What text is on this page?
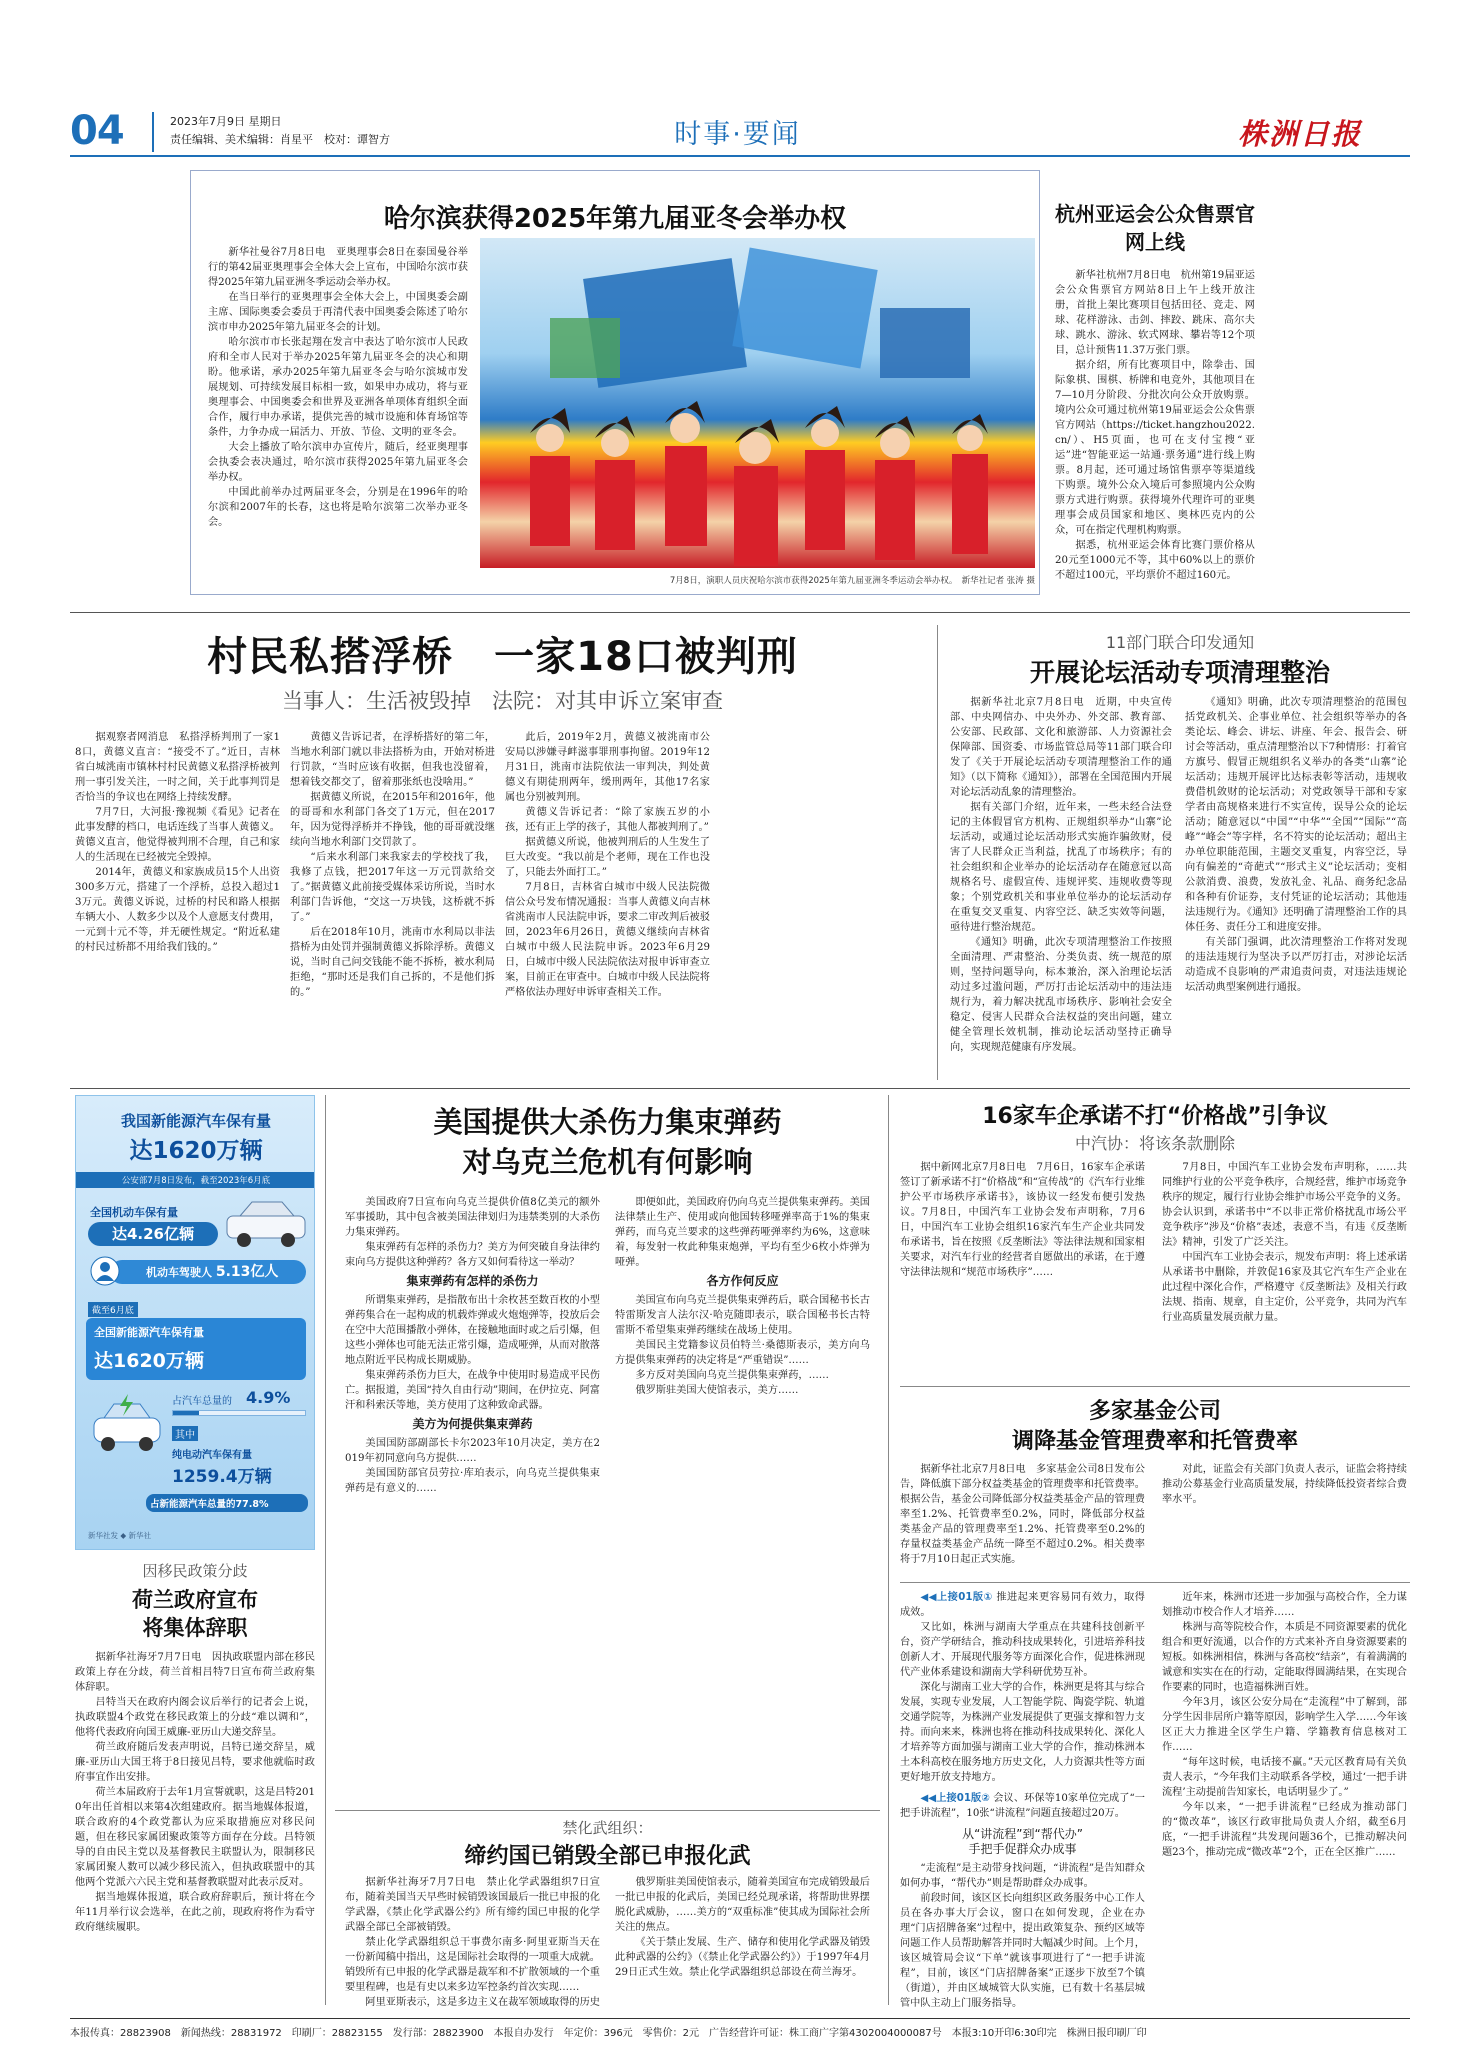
04	2023年7月9日 星期日
责任编辑、美术编辑：肖星平　校对：谭智方	时事·要闻	株洲日报
哈尔滨获得2025年第九届亚冬会举办权

新华社曼谷7月8日电　亚奥理事会8日在泰国曼谷举行的第42届亚奥理事会全体大会上宣布，中国哈尔滨市获得2025年第九届亚洲冬季运动会举办权。

在当日举行的亚奥理事会全体大会上，中国奥委会副主席、国际奥委会委员于再清代表中国奥委会陈述了哈尔滨市申办2025年第九届亚冬会的计划。

哈尔滨市市长张起翔在发言中表达了哈尔滨市人民政府和全市人民对于举办2025年第九届亚冬会的决心和期盼。他承诺，承办2025年第九届亚冬会与哈尔滨城市发展规划、可持续发展目标相一致，如果申办成功，将与亚奥理事会、中国奥委会和世界及亚洲各单项体育组织全面合作，履行申办承诺，提供完善的城市设施和体育场馆等条件，力争办成一届活力、开放、节俭、文明的亚冬会。

大会上播放了哈尔滨申办宣传片，随后，经亚奥理事会执委会表决通过，哈尔滨市获得2025年第九届亚冬会举办权。

中国此前举办过两届亚冬会，分别是在1996年的哈尔滨和2007年的长春，这也将是哈尔滨第二次举办亚冬会。

7月8日，演职人员庆祝哈尔滨市获得2025年第九届亚洲冬季运动会举办权。　新华社记者 张涛 摄
杭州亚运会公众售票官网上线

新华社杭州7月8日电　杭州第19届亚运会公众售票官方网站8日上午上线开放注册，首批上架比赛项目包括田径、竞走、网球、花样游泳、击剑、摔跤、跳床、高尔夫球、跳水、游泳、软式网球、攀岩等12个项目，总计预售11.37万张门票。

据介绍，所有比赛项目中，除拳击、国际象棋、围棋、桥牌和电竞外，其他项目在7—10月分阶段、分批次向公众开放购票。境内公众可通过杭州第19届亚运会公众售票官方网站（https://ticket.hangzhou2022.cn/）、H5页面，也可在支付宝搜“亚运”进“智能亚运一站通·票务通”进行线上购票。8月起，还可通过场馆售票亭等渠道线下购票。境外公众入境后可参照境内公众购票方式进行购票。获得境外代理许可的亚奥理事会成员国家和地区、奥林匹克内的公众，可在指定代理机构购票。

据悉，杭州亚运会体育比赛门票价格从20元至1000元不等，其中60%以上的票价不超过100元，平均票价不超过160元。

村民私搭浮桥　一家18口被判刑
当事人：生活被毁掉　法院：对其申诉立案审查

据观察者网消息　私搭浮桥判刑了一家18口，黄德义直言：“接受不了。”近日，吉林省白城洮南市镇林村村民黄德义私搭浮桥被判刑一事引发关注，一时之间，关于此事判罚是否恰当的争议也在网络上持续发酵。

7月7日，大河报·豫视频《看见》记者在此事发酵的档口，电话连线了当事人黄德义。黄德义直言，他觉得被判刑不合理，自己和家人的生活现在已经被完全毁掉。

2014年，黄德义和家族成员15个人出资300多万元，搭建了一个浮桥，总投入超过13万元。黄德义诉说，过桥的村民和路人根据车辆大小、人数多少以及个人意愿支付费用，一元到十元不等，并无硬性规定。“附近私建的村民过桥都不用给我们钱的。”

黄德义告诉记者，在浮桥搭好的第二年，当地水利部门就以非法搭桥为由，开始对桥进行罚款，“当时应该有收据，但我也没留着，想着钱交都交了，留着那张纸也没啥用。”

据黄德义所说，在2015年和2016年，他的哥哥和水利部门各交了1万元，但在2017年，因为觉得浮桥并不挣钱，他的哥哥就没继续向当地水利部门交罚款了。

“后来水利部门来我家去的学校找了我，我修了点钱，把2017年这一万元罚款给交了。”据黄德义此前接受媒体采访所说，当时水利部门告诉他，“交这一万块钱，这桥就不拆了。”

后在2018年10月，洮南市水利局以非法搭桥为由处罚并强制黄德义拆除浮桥。黄德义说，当时自己问交钱能不能不拆桥，被水利局拒绝，“那时还是我们自己拆的，不是他们拆的。”

此后，2019年2月，黄德义被洮南市公安局以涉嫌寻衅滋事罪刑事拘留。2019年12月31日，洮南市法院依法一审判决，判处黄德义有期徒刑两年，缓刑两年，其他17名家属也分别被判刑。

黄德义告诉记者：“除了家族五岁的小孩，还有正上学的孩子，其他人都被判刑了。”

据黄德义所说，他被判刑后的人生发生了巨大改变。“我以前是个老师，现在工作也没了，只能去外面打工。”

7月8日，吉林省白城市中级人民法院微信公众号发布情况通报：当事人黄德义向吉林省洮南市人民法院申诉，要求二审改判后被驳回，2023年6月26日，黄德义继续向吉林省白城市中级人民法院申诉。2023年6月29日，白城市中级人民法院依法对报申诉审查立案，目前正在审查中。白城市中级人民法院将严格依法办理好申诉审查相关工作。

11部门联合印发通知
开展论坛活动专项清理整治

据新华社北京7月8日电　近期，中央宣传部、中央网信办、中央外办、外交部、教育部、公安部、民政部、文化和旅游部、人力资源社会保障部、国资委、市场监管总局等11部门联合印发了《关于开展论坛活动专项清理整治工作的通知》（以下简称《通知》），部署在全国范围内开展对论坛活动乱象的清理整治。

据有关部门介绍，近年来，一些未经合法登记的主体假冒官方机构、正规组织举办“山寨”论坛活动，或通过论坛活动形式实施诈骗敛财，侵害了人民群众正当利益，扰乱了市场秩序；有的社会组织和企业举办的论坛活动存在随意冠以高规格名号、虚假宣传、违规评奖、违规收费等现象；个别党政机关和事业单位举办的论坛活动存在重复交叉重复、内容空泛、缺乏实效等问题，亟待进行整治规范。

《通知》明确，此次专项清理整治工作按照全面清理、严肃整治、分类负责、统一规范的原则，坚持问题导向，标本兼治，深入治理论坛活动过多过滥问题，严厉打击论坛活动中的违法违规行为，着力解决扰乱市场秩序、影响社会安全稳定、侵害人民群众合法权益的突出问题，建立健全管理长效机制，推动论坛活动坚持正确导向，实现规范健康有序发展。

《通知》明确，此次专项清理整治的范围包括党政机关、企事业单位、社会组织等举办的各类论坛、峰会、讲坛、讲座、年会、报告会、研讨会等活动，重点清理整治以下7种情形：打着官方旗号、假冒正规组织名义举办的各类“山寨”论坛活动；违规开展评比达标表彰等活动，违规收费借机敛财的论坛活动；对党政领导干部和专家学者由高规格来进行不实宣传，误导公众的论坛活动；随意冠以“中国”“中华”“全国”“国际”“高峰”“峰会”等字样，名不符实的论坛活动；超出主办单位职能范围，主题交叉重复，内容空泛，导向有偏差的“奇葩式”“形式主义”论坛活动；变相公款消费、浪费，发放礼金、礼品、商务纪念品和各种有价证券，支付凭证的论坛活动；其他违法违规行为。《通知》还明确了清理整治工作的具体任务、责任分工和进度安排。

有关部门强调，此次清理整治工作将对发现的违法违规行为坚决予以严厉打击，对涉论坛活动造成不良影响的严肃追责问责，对违法违规论坛活动典型案例进行通报。

我国新能源汽车保有量
达1620万辆
公安部7月8日发布，截至2023年6月底
全国机动车保有量
达4.26亿辆
机动车驾驶人 5.13亿人
截至6月底
全国新能源汽车保有量
达1620万辆
占汽车总量的 4.9%
其中
纯电动汽车保有量
1259.4万辆
占新能源汽车总量的77.8%
新华社发 ◆ 新华社
因移民政策分歧
荷兰政府宣布
将集体辞职

据新华社海牙7月7日电　因执政联盟内部在移民政策上存在分歧，荷兰首相吕特7日宣布荷兰政府集体辞职。

吕特当天在政府内阁会议后举行的记者会上说，执政联盟4个政党在移民政策上的分歧“难以调和”，他将代表政府向国王威廉-亚历山大递交辞呈。

荷兰政府随后发表声明说，吕特已递交辞呈，威廉-亚历山大国王将于8日接见吕特，要求他就临时政府事宜作出安排。

荷兰本届政府于去年1月宣誓就职，这是吕特2010年出任首相以来第4次组建政府。据当地媒体报道，联合政府的4个政党都认为应采取措施应对移民问题，但在移民家属团聚政策等方面存在分歧。吕特领导的自由民主党以及基督教民主联盟认为，限制移民家属团聚人数可以减少移民流入，但执政联盟中的其他两个党派六六民主党和基督教联盟对此表示反对。

据当地媒体报道，联合政府辞职后，预计将在今年11月举行议会选举，在此之前，现政府将作为看守政府继续履职。

美国提供大杀伤力集束弹药
对乌克兰危机有何影响

美国政府7日宣布向乌克兰提供价值8亿美元的额外军事援助，其中包含被美国法律划归为违禁类别的大杀伤力集束弹药。

集束弹药有怎样的杀伤力？美方为何突破自身法律约束向乌方提供这种弹药？各方又如何看待这一举动？

集束弹药有怎样的杀伤力

所谓集束弹药，是指散布出十余枚甚至数百枚的小型弹药集合在一起构成的机载炸弹或火炮炮弹等，投放后会在空中大范围播散小弹体，在接触地面时或之后引爆，但这些小弹体也可能无法正常引爆，造成哑弹，从而对散落地点附近平民构成长期威胁。

集束弹药杀伤力巨大，在战争中使用时易造成平民伤亡。据报道，美国“持久自由行动”期间，在伊拉克、阿富汗和科索沃等地，美方使用了这种致命武器。

美方为何提供集束弹药

美国国防部副部长卡尔2023年10月决定，美方在2019年初同意向乌方提供……

美国国防部官员劳拉·库珀表示，向乌克兰提供集束弹药是有意义的……

即便如此，美国政府仍向乌克兰提供集束弹药。美国法律禁止生产、使用或向他国转移哑弹率高于1%的集束弹药，而乌克兰要求的这些弹药哑弹率约为6%，这意味着，每发射一枚此种集束炮弹，平均有至少6枚小炸弹为哑弹。

各方作何反应

美国宣布向乌克兰提供集束弹药后，联合国秘书长古特雷斯发言人法尔汉·哈克随即表示，联合国秘书长古特雷斯不希望集束弹药继续在战场上使用。

美国民主党籍参议员伯特兰·桑德斯表示，美方向乌方提供集束弹药的决定将是“严重错误”……

多方反对美国向乌克兰提供集束弹药，……

俄罗斯驻美国大使馆表示，美方……

禁化武组织：
缔约国已销毁全部已申报化武

据新华社海牙7月7日电　禁止化学武器组织7日宣布，随着美国当天早些时候销毁该国最后一批已申报的化学武器，《禁止化学武器公约》所有缔约国已申报的化学武器全部已全部被销毁。

禁止化学武器组织总干事费尔南多·阿里亚斯当天在一份新闻稿中指出，这是国际社会取得的一项重大成就。销毁所有已申报的化学武器是裁军和不扩散领域的一个重要里程碑，也是有史以来多边军控条约首次实现……

阿里亚斯表示，这是多边主义在裁军领域取得的历史

俄罗斯驻美国使馆表示，随着美国宣布完成销毁最后一批已申报的化武后，美国已经兑现承诺，将帮助世界摆脱化武威胁，……美方的“双重标准”使其成为国际社会所关注的焦点。

《关于禁止发展、生产、储存和使用化学武器及销毁此种武器的公约》（《禁止化学武器公约》）于1997年4月29日正式生效。禁止化学武器组织总部设在荷兰海牙。

16家车企承诺不打“价格战”引争议
中汽协：将该条款删除

据中新网北京7月8日电　7月6日，16家车企承诺签订了新承诺不打“价格战”和“宣传战”的《汽车行业维护公平市场秩序承诺书》，该协议一经发布便引发热议。7月8日，中国汽车工业协会发布声明称，7月6日，中国汽车工业协会组织16家汽车生产企业共同发布承诺书，旨在按照《反垄断法》等法律法规和国家相关要求，对汽车行业的经营者自愿做出的承诺，在于遵守法律法规和“规范市场秩序”……

7月8日，中国汽车工业协会发布声明称，……共同维护行业的公平竞争秩序，合规经营，维护市场竞争秩序的规定，履行行业协会维护市场公平竞争的义务。协会认识到，承诺书中“不以非正常价格扰乱市场公平竞争秩序”涉及“价格”表述，表意不当，有违《反垄断法》精神，引发了广泛关注。

中国汽车工业协会表示，规发布声明：将上述承诺从承诺书中删除，并敦促16家及其它汽车生产企业在此过程中深化合作，严格遵守《反垄断法》及相关行政法规、指南、规章，自主定价，公平竞争，共同为汽车行业高质量发展贡献力量。

多家基金公司
调降基金管理费率和托管费率

据新华社北京7月8日电　多家基金公司8日发布公告，降低旗下部分权益类基金的管理费率和托管费率。根据公告，基金公司降低部分权益类基金产品的管理费率至1.2%、托管费率至0.2%，同时，降低部分权益类基金产品的管理费率至1.2%、托管费率至0.2%的存量权益类基金产品统一降至不超过0.2%。相关费率将于7月10日起正式实施。

对此，证监会有关部门负责人表示，证监会将持续推动公募基金行业高质量发展，持续降低投资者综合费率水平。

◀◀上接01版① 推进起来更容易同有效力，取得成效。

又比如，株洲与湖南大学重点在共建科技创新平台，资产学研结合，推动科技成果转化，引进培养科技创新人才、开展现代服务等方面深化合作，促进株洲现代产业体系建设和湖南大学科研优势互补。

深化与湖南工业大学的合作，株洲更是将其与综合发展，实现专业发展，人工智能学院、陶瓷学院、轨道交通学院等，为株洲产业发展提供了更强支撑和智力支持。而向来来，株洲也将在推动科技成果转化、深化人才培养等方面加强与湖南工业大学的合作，推动株洲本土本科高校在服务地方历史文化，人力资源共性等方面更好地开放支持地方。

◀◀上接01版② 会议、环保等10家单位完成了“一把手讲流程”，10张“讲流程”问题直接超过20万。

从“讲流程”到“帮代办”
手把手促群众办成事

“走流程”是主动带身找问题，“讲流程”是告知群众如何办事，“帮代办”则是帮助群众办成事。

前段时间，该区区长向组织区政务服务中心工作人员在各办事大厅会议，窗口在如何发现，企业在办理“门店招牌备案”过程中，提出政策复杂、预约区域等问题工作人员帮助解答并同时大幅减少时间。上个月，该区城管局会议“下单”就该事项进行了“一把手讲流程”，目前，该区“门店招牌备案”正逐步下放至7个镇（街道），并由区域城管大队实施，已有数十名基层城管中队主动上门服务指导。

近年来，株洲市还进一步加强与高校合作，全力谋划推动市校合作人才培养……

株洲与高等院校合作，本质是不同资源要素的优化组合和更好流通，以合作的方式来补齐自身资源要素的短板。如株洲相信，株洲与各高校“结亲”，有着满满的诚意和实实在在的行动，定能取得圆满结果，在实现合作要素的同时，也造福株洲百姓。

今年3月，该区公安分局在“走流程”中了解到，部分学生因非居所户籍等原因，影响学生入学……今年该区正大力推进全区学生户籍、学籍教育信息核对工作……

“每年这时候，电话接不赢。”天元区教育局有关负责人表示，“今年我们主动联系各学校，通过‘一把手讲流程’主动提前告知家长，电话明显少了。”

今年以来，“一把手讲流程”已经成为推动部门的“微改革”，该区行政审批局负责人介绍，截至6月底，“一把手讲流程”共发现问题36个，已推动解决问题23个，推动完成“微改革”2个，正在全区推广……

本报传真：28823908　新闻热线：28831972　印刷厂：28823155　发行部：28823900　本报自办发行　年定价：396元　零售价：2元　广告经营许可证：株工商广字第4302004000087号　本报3:10开印6:30印完　株洲日报印刷厂印
